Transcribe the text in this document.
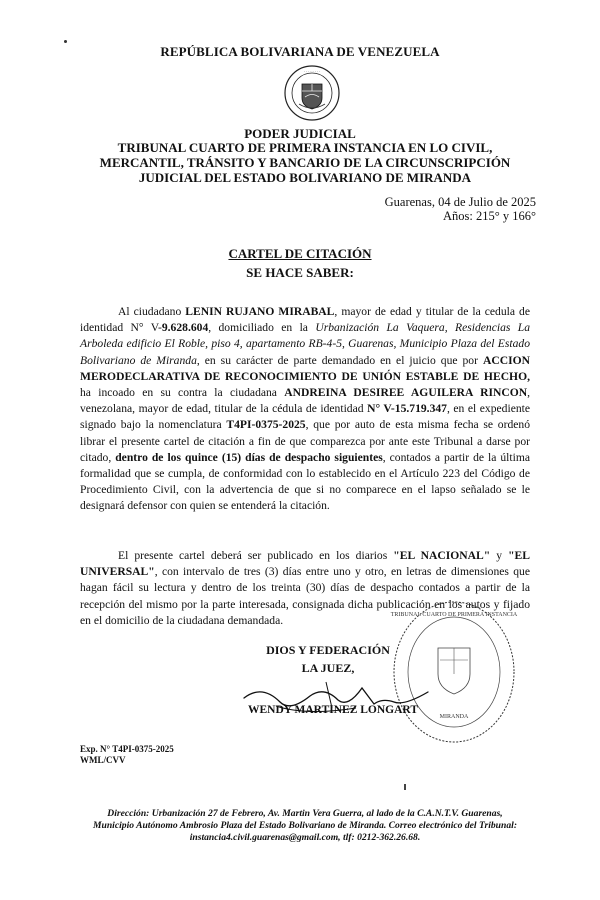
REPÚBLICA BOLIVARIANA DE VENEZUELA
· · · · · · · ·
PODER JUDICIAL
TRIBUNAL CUARTO DE PRIMERA INSTANCIA EN LO CIVIL,
MERCANTIL, TRÁNSITO Y BANCARIO DE LA CIRCUNSCRIPCIÓN
JUDICIAL DEL ESTADO BOLIVARIANO DE MIRANDA
Guarenas, 04 de Julio de 2025
Años: 215° y 166°
CARTEL DE CITACIÓN
SE HACE SABER:
Al ciudadano LENIN RUJANO MIRABAL, mayor de edad y titular de la cedula de identidad N° V-9.628.604, domiciliado en la Urbanización La Vaquera, Residencias La Arboleda edificio El Roble, piso 4, apartamento RB-4-5, Guarenas, Municipio Plaza del Estado Bolivariano de Miranda, en su carácter de parte demandado en el juicio que por ACCION MERODECLARATIVA DE RECONOCIMIENTO DE UNIÓN ESTABLE DE HECHO, ha incoado en su contra la ciudadana ANDREINA DESIREE AGUILERA RINCON, venezolana, mayor de edad, titular de la cédula de identidad N° V-15.719.347, en el expediente signado bajo la nomenclatura T4PI-0375-2025, que por auto de esta misma fecha se ordenó librar el presente cartel de citación a fin de que comparezca por ante este Tribunal a darse por citado, dentro de los quince (15) días de despacho siguientes, contados a partir de la última formalidad que se cumpla, de conformidad con lo establecido en el Artículo 223 del Código de Procedimiento Civil, con la advertencia de que si no comparece en el lapso señalado se le designará defensor con quien se entenderá la citación.
El presente cartel deberá ser publicado en los diarios "EL NACIONAL" y "EL UNIVERSAL", con intervalo de tres (3) días entre uno y otro, en letras de dimensiones que hagan fácil su lectura y dentro de los treinta (30) días de despacho contados a partir de la recepción del mismo por la parte interesada, consignada dicha publicación en los autos y fijado en el domicilio de la ciudadana demandada.	TRIBUNAL CUARTO DE PRIMERA INSTANCIA
MIRANDA
DIOS Y FEDERACIÓN
LA JUEZ,
WENDY MARTINEZ LONGART
Exp. N° T4PI-0375-2025
WML/CVV
Dirección: Urbanización 27 de Febrero, Av. Martin Vera Guerra, al lado de la C.A.N.T.V. Guarenas,
Municipio Autónomo Ambrosio Plaza del Estado Bolivariano de Miranda. Correo electrónico del Tribunal:
instancia4.civil.guarenas@gmail.com, tlf: 0212-362.26.68.
